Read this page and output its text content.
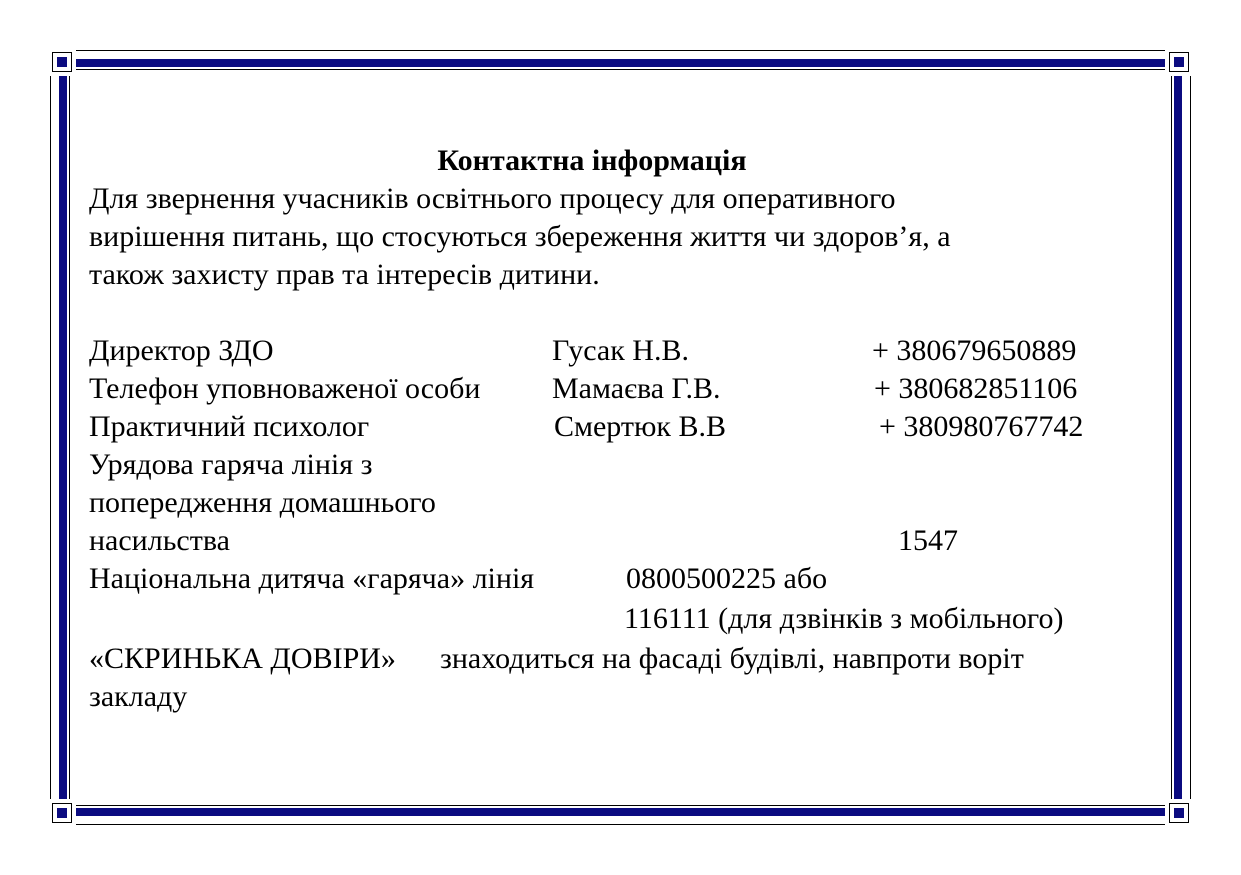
Контактна інформація
Для звернення учасників освітнього процесу для оперативного
вирішення питань, що стосуються збереження життя чи здоров’я, а
також захисту прав та інтересів дитини.
Директор ЗДО	Гусак Н.В.	+ 380679650889
Телефон уповноваженої особи Мамаєва Г.В.	+ 380682851106
Практичний психолог	Смертюк В.В	+ 380980767742
Урядова гаряча лінія з
попередження домашнього
насильства	1547
Національна дитяча «гаряча» лінія	0800500225 або
116111 (для дзвінків з мобільного)
«СКРИНЬКА ДОВІРИ» знаходиться на фасаді будівлі, навпроти воріт
закладу
